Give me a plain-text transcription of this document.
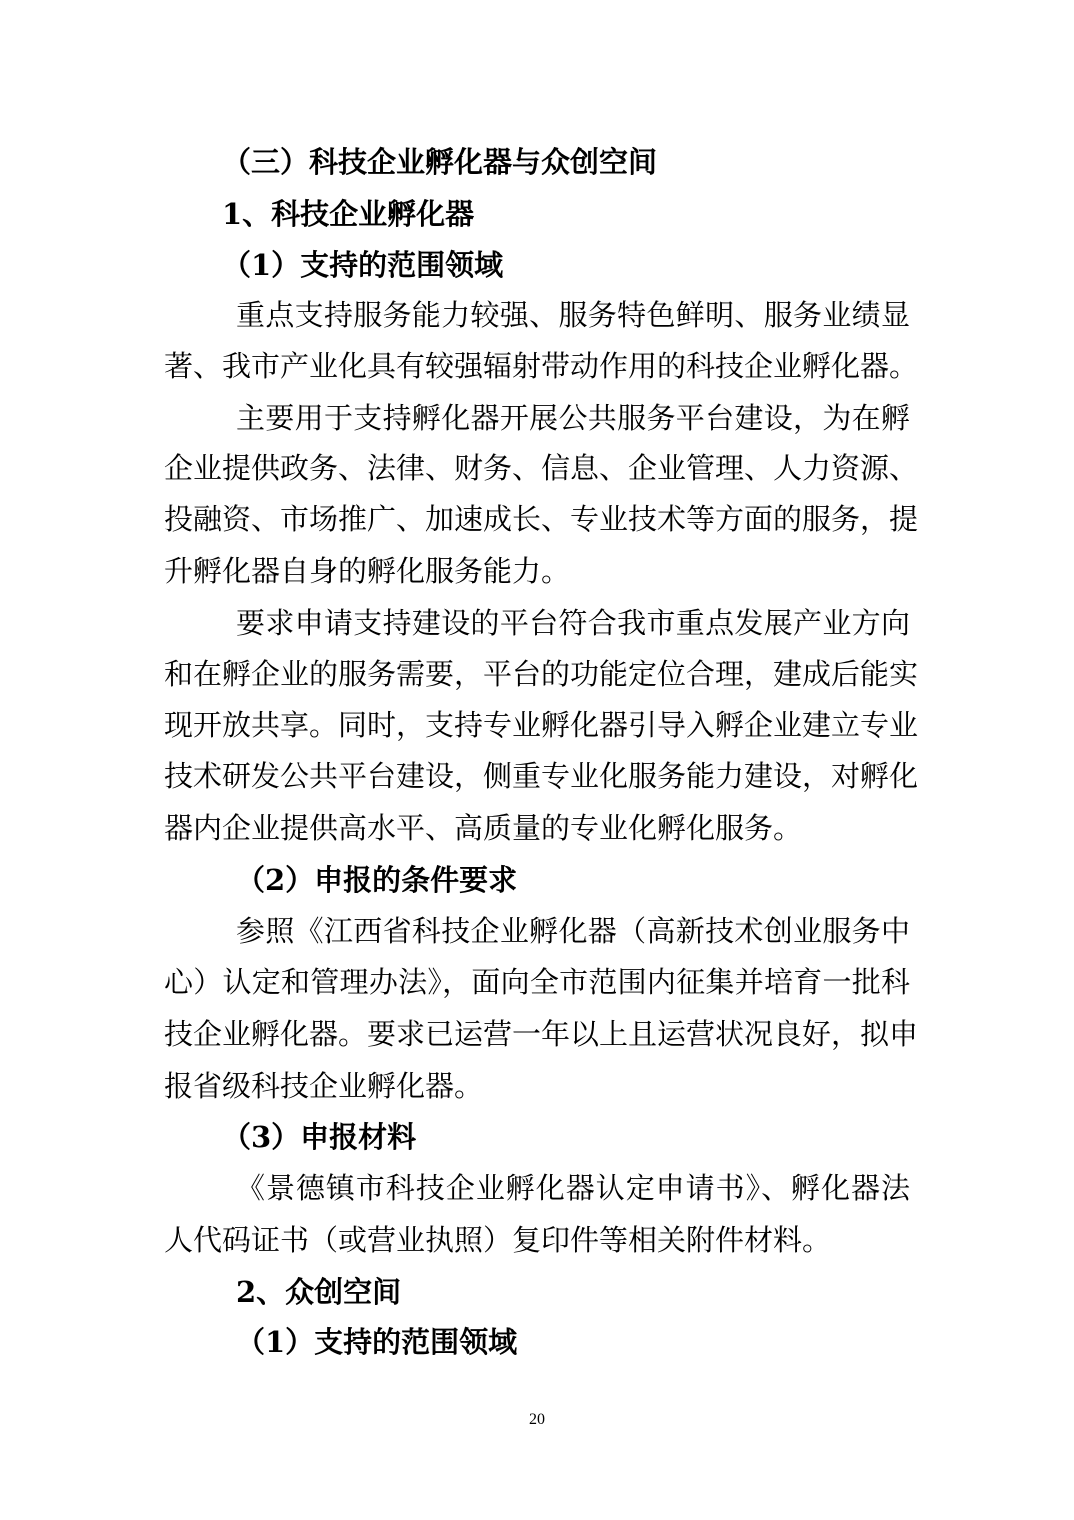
（三）科技企业孵化器与众创空间
1、科技企业孵化器
（1）支持的范围领域
重点支持服务能力较强、服务特色鲜明、服务业绩显
著、我市产业化具有较强辐射带动作用的科技企业孵化器。
主要用于支持孵化器开展公共服务平台建设，为在孵
企业提供政务、法律、财务、信息、企业管理、人力资源、
投融资、市场推广、加速成长、专业技术等方面的服务，提
升孵化器自身的孵化服务能力。
要求申请支持建设的平台符合我市重点发展产业方向
和在孵企业的服务需要，平台的功能定位合理，建成后能实
现开放共享。同时，支持专业孵化器引导入孵企业建立专业
技术研发公共平台建设，侧重专业化服务能力建设，对孵化
器内企业提供高水平、高质量的专业化孵化服务。
（2）申报的条件要求
参照《江西省科技企业孵化器（高新技术创业服务中
心）认定和管理办法》，面向全市范围内征集并培育一批科
技企业孵化器。要求已运营一年以上且运营状况良好，拟申
报省级科技企业孵化器。
（3）申报材料
《景德镇市科技企业孵化器认定申请书》、孵化器法
人代码证书（或营业执照）复印件等相关附件材料。
2、众创空间
（1）支持的范围领域
20
